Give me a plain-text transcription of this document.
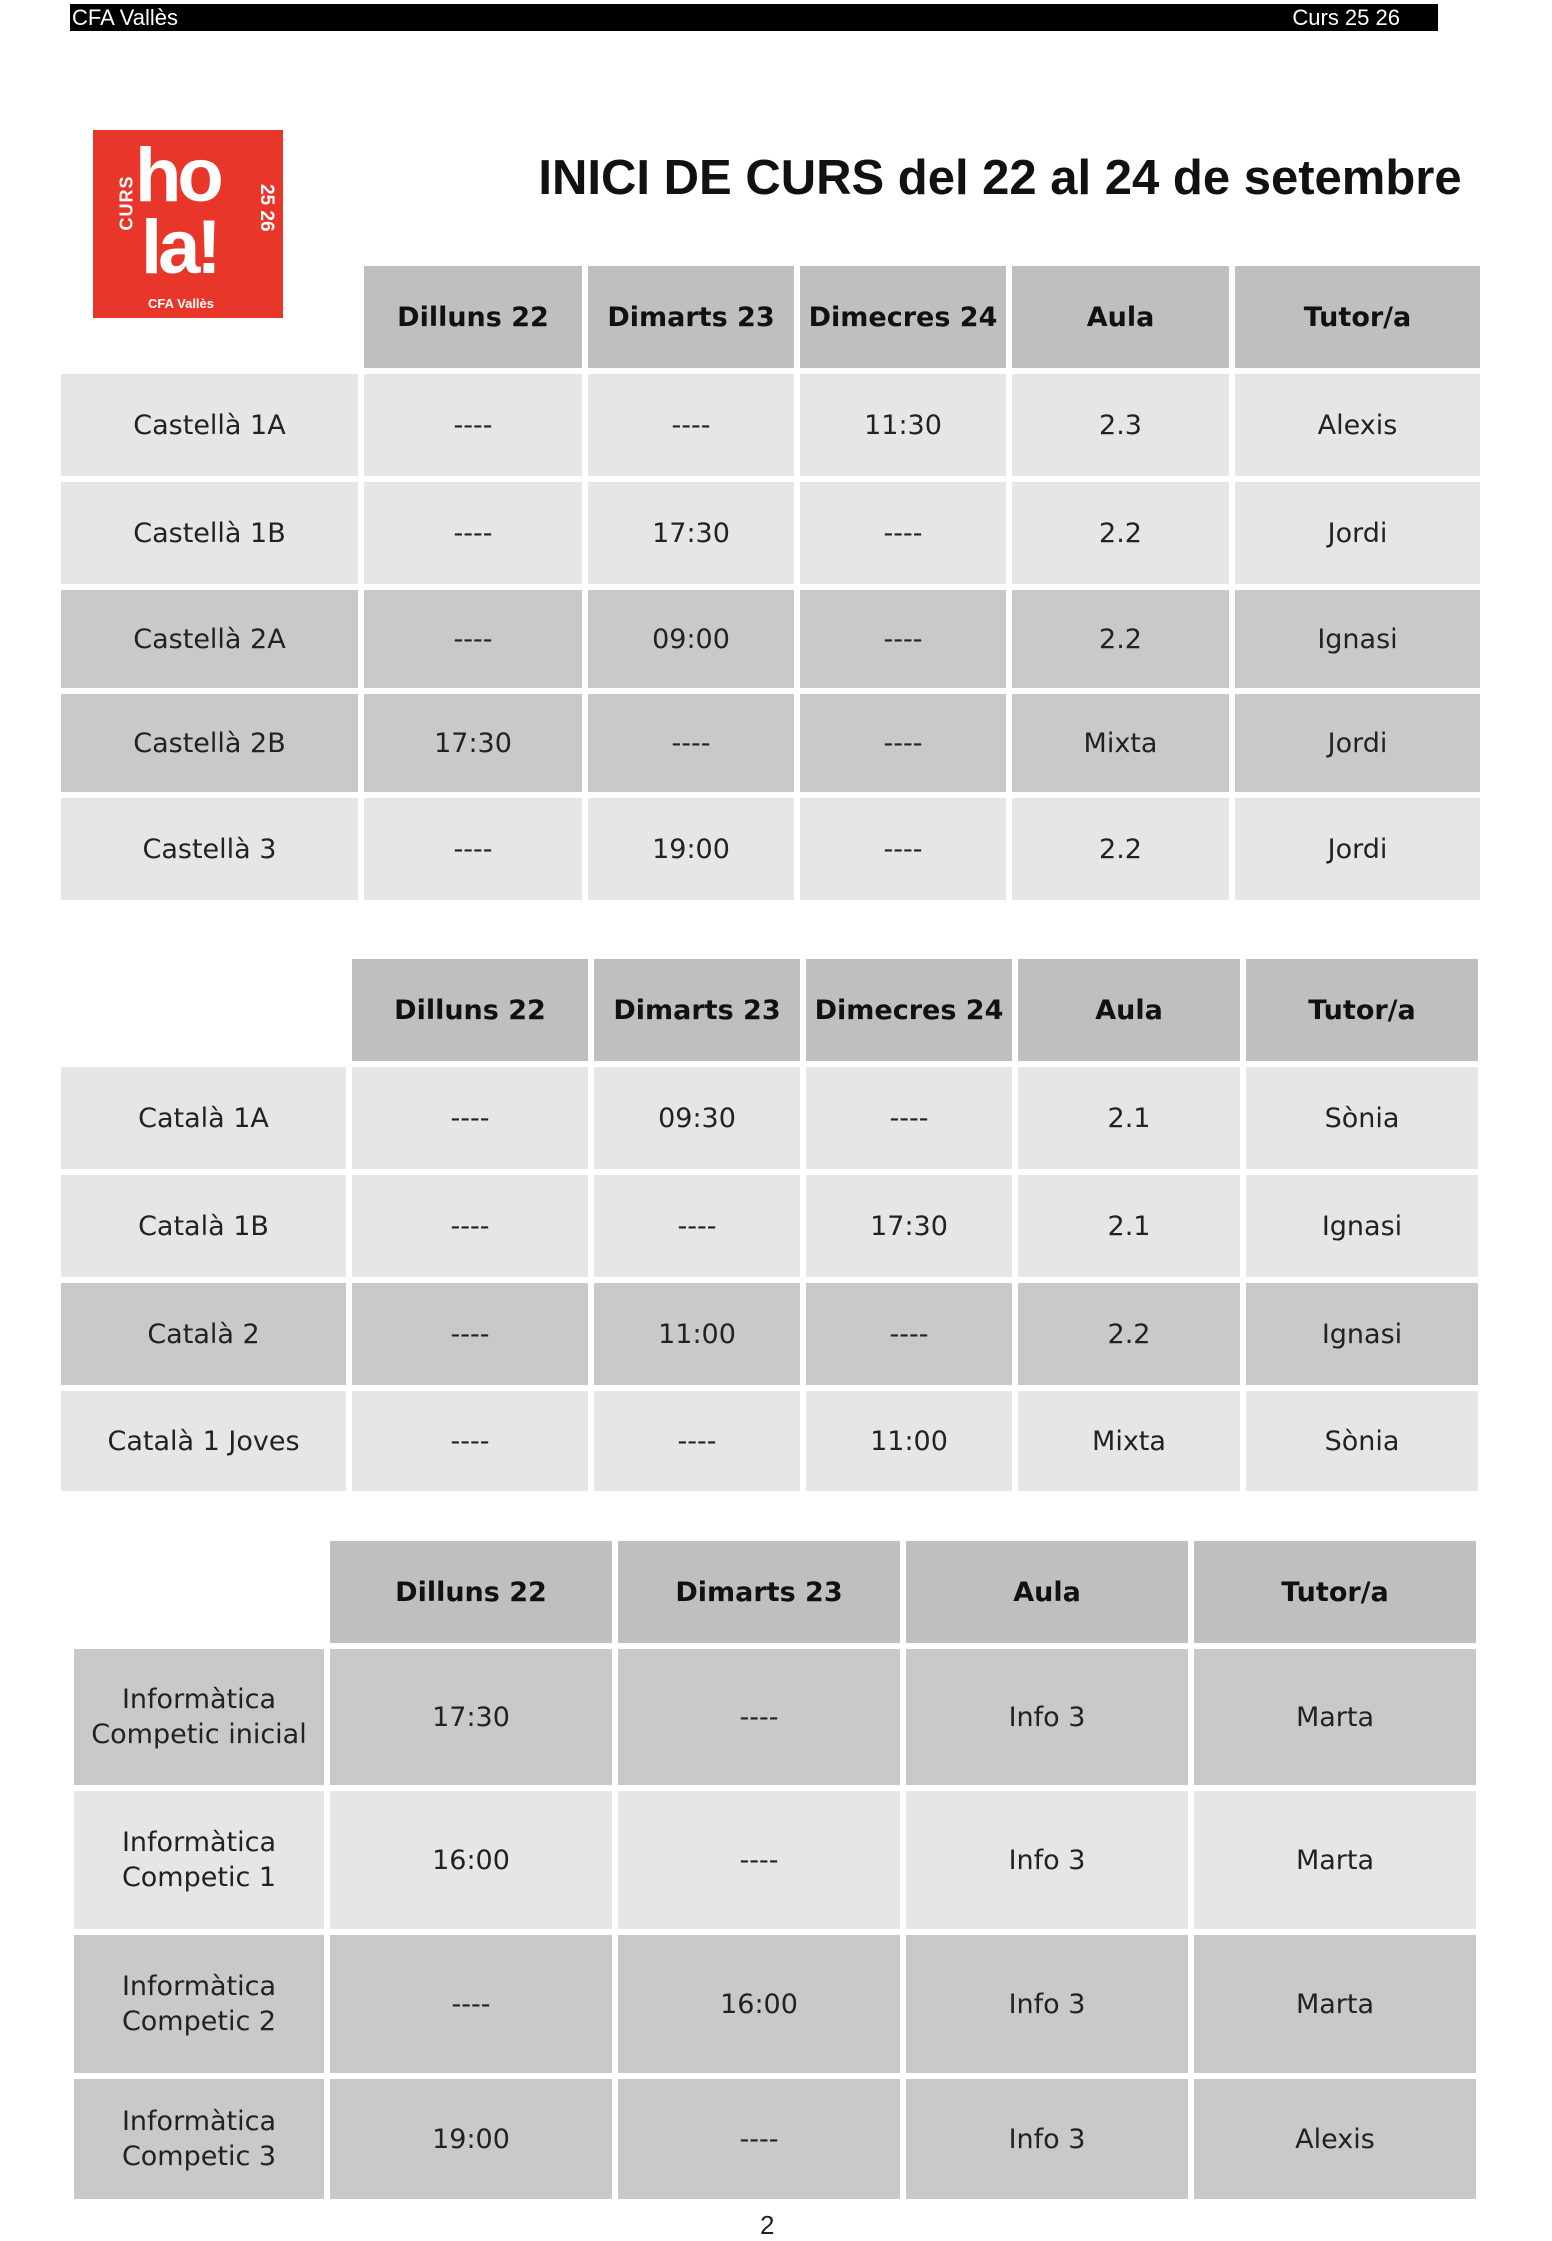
CFA Vallès	Curs 25 26
CURS
ho
la! 25 26
CFA Vallès
INICI DE CURS del 22 al 24 de setembre
	Dilluns 22	Dimarts 23	Dimecres 24	Aula	Tutor/a
Castellà 1A	----	----	11:30	2.3	Alexis
Castellà 1B	----	17:30	----	2.2	Jordi
Castellà 2A	----	09:00	----	2.2	Ignasi
Castellà 2B	17:30	----	----	Mixta	Jordi
Castellà 3	----	19:00	----	2.2	Jordi
	Dilluns 22	Dimarts 23	Dimecres 24	Aula	Tutor/a
Català 1A	----	09:30	----	2.1	Sònia
Català 1B	----	----	17:30	2.1	Ignasi
Català 2	----	11:00	----	2.2	Ignasi
Català 1 Joves	----	----	11:00	Mixta	Sònia
	Dilluns 22	Dimarts 23	Aula	Tutor/a
Informàtica Competic inicial	17:30	----	Info 3	Marta
Informàtica Competic 1	16:00	----	Info 3	Marta
Informàtica Competic 2	----	16:00	Info 3	Marta
Informàtica Competic 3	19:00	----	Info 3	Alexis
2
